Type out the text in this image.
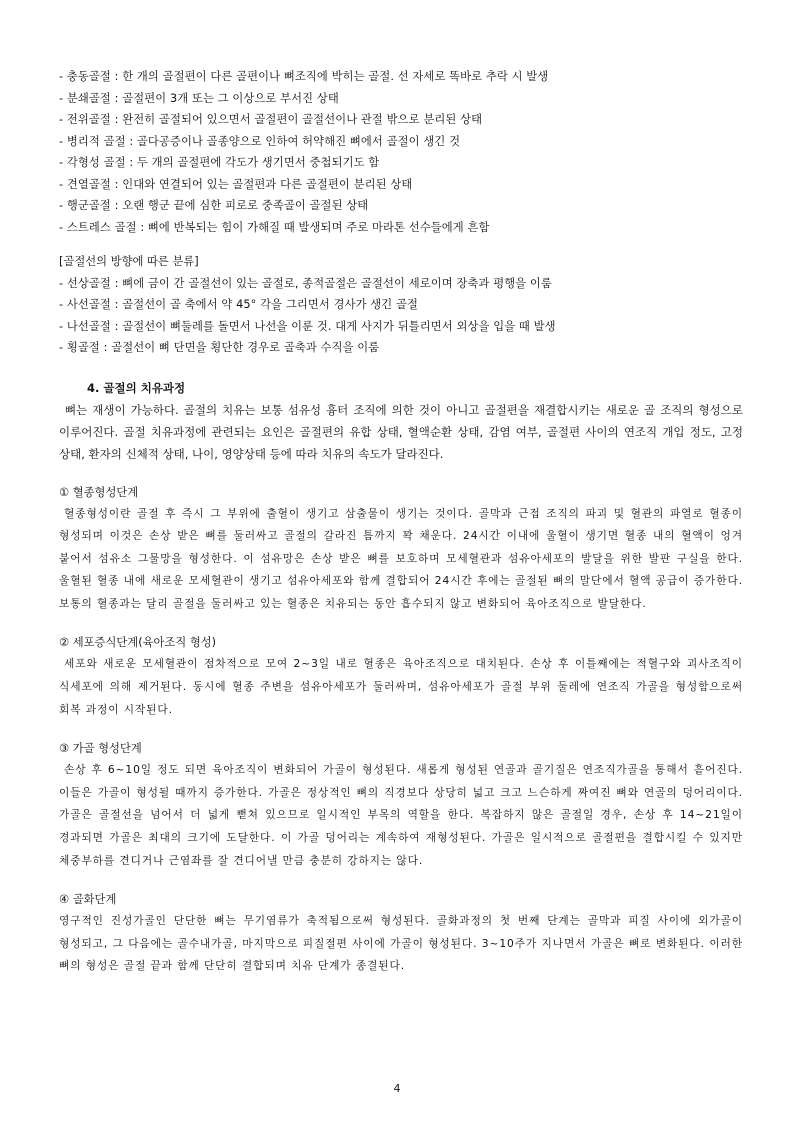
- 충동골절 : 한 개의 골절편이 다른 골편이나 뼈조직에 박히는 골절. 선 자세로 똑바로 추락 시 발생
- 분쇄골절 : 골절편이 3개 또는 그 이상으로 부서진 상태
- 전위골절 : 완전히 골절되어 있으면서 골절편이 골절선이나 관절 밖으로 분리된 상태
- 병리적 골절 : 골다공증이나 골종양으로 인하여 허약해진 뼈에서 골절이 생긴 것
- 각형성 골절 : 두 개의 골절편에 각도가 생기면서 중첩되기도 함
- 견열골절 : 인대와 연결되어 있는 골절편과 다른 골절편이 분리된 상태
- 행군골절 : 오랜 행군 끝에 심한 피로로 중족골이 골절된 상태
- 스트레스 골절 : 뼈에 반복되는 힘이 가해질 때 발생되며 주로 마라톤 선수들에게 흔함
[골절선의 방향에 따른 분류]
- 선상골절 : 뼈에 금이 간 골절선이 있는 골절로, 종적골절은 골절선이 세로이며 장축과 평행을 이룸
- 사선골절 : 골절선이 골 축에서 약 45° 각을 그리면서 경사가 생긴 골절
- 나선골절 : 골절선이 뼈둘레를 돌면서 나선을 이룬 것. 대게 사지가 뒤틀리면서 외상을 입을 때 발생
- 횡골절 : 골절선이 뼈 단면을 횡단한 경우로 골축과 수직을 이룸
4. 골절의 치유과정

뼈는 재생이 가능하다. 골절의 치유는 보통 섬유성 흉터 조직에 의한 것이 아니고 골절편을 재결합시키는 새로운 골 조직의 형성으로 이루어진다. 골절 치유과정에 관련되는 요인은 골절편의 유합 상태, 혈액순환 상태, 감염 여부, 골절편 사이의 연조직 개입 정도, 고정 상태, 환자의 신체적 상태, 나이, 영양상태 등에 따라 치유의 속도가 달라진다.

① 혈종형성단계

혈종형성이란 골절 후 즉시 그 부위에 출혈이 생기고 삼출물이 생기는 것이다. 골막과 근접 조직의 파괴 및 혈관의 파열로 혈종이 형성되며 이것은 손상 받은 뼈를 둘러싸고 골절의 갈라진 틈까지 꽉 채운다. 24시간 이내에 울혈이 생기면 혈종 내의 혈액이 엉겨 붙어서 섬유소 그물망을 형성한다. 이 섬유망은 손상 받은 뼈를 보호하며 모세혈관과 섬유아세포의 발달을 위한 발판 구실을 한다. 울혈된 혈종 내에 새로운 모세혈관이 생기고 섬유아세포와 함께 결합되어 24시간 후에는 골절된 뼈의 말단에서 혈액 공급이 증가한다. 보통의 혈종과는 달리 골절을 둘러싸고 있는 혈종은 치유되는 동안 흡수되지 않고 변화되어 육아조직으로 발달한다.

② 세포증식단계(육아조직 형성)

세포와 새로운 모세혈관이 점차적으로 모여 2~3일 내로 혈종은 육아조직으로 대치된다. 손상 후 이틀째에는 적혈구와 괴사조직이 식세포에 의해 제거된다. 동시에 혈종 주변을 섬유아세포가 둘러싸며, 섬유아세포가 골절 부위 둘레에 연조직 가골을 형성함으로써 회복 과정이 시작된다.

③ 가골 형성단계

손상 후 6~10일 정도 되면 육아조직이 변화되어 가골이 형성된다. 새롭게 형성된 연골과 골기질은 연조직가골을 통해서 흩어진다. 이들은 가골이 형성될 때까지 증가한다. 가골은 정상적인 뼈의 직경보다 상당히 넓고 크고 느슨하게 짜여진 뼈와 연골의 덩어리이다. 가골은 골절선을 넘어서 더 넓게 뻗쳐 있으므로 일시적인 부목의 역할을 한다. 복잡하지 않은 골절일 경우, 손상 후 14~21일이 경과되면 가골은 최대의 크기에 도달한다. 이 가골 덩어리는 계속하여 재형성된다. 가골은 일시적으로 골절편을 결합시킬 수 있지만 체중부하를 견디거나 근염좌를 잘 견디어낼 만큼 충분히 강하지는 않다.

④ 골화단계

영구적인 진성가골인 단단한 뼈는 무기염류가 축적됨으로써 형성된다. 골화과정의 첫 번째 단계는 골막과 피질 사이에 외가골이 형성되고, 그 다음에는 골수내가골, 마지막으로 피질절편 사이에 가골이 형성된다. 3~10주가 지나면서 가골은 뼈로 변화된다. 이러한 뼈의 형성은 골절 끝과 함께 단단히 결합되며 치유 단계가 종결된다.

4
